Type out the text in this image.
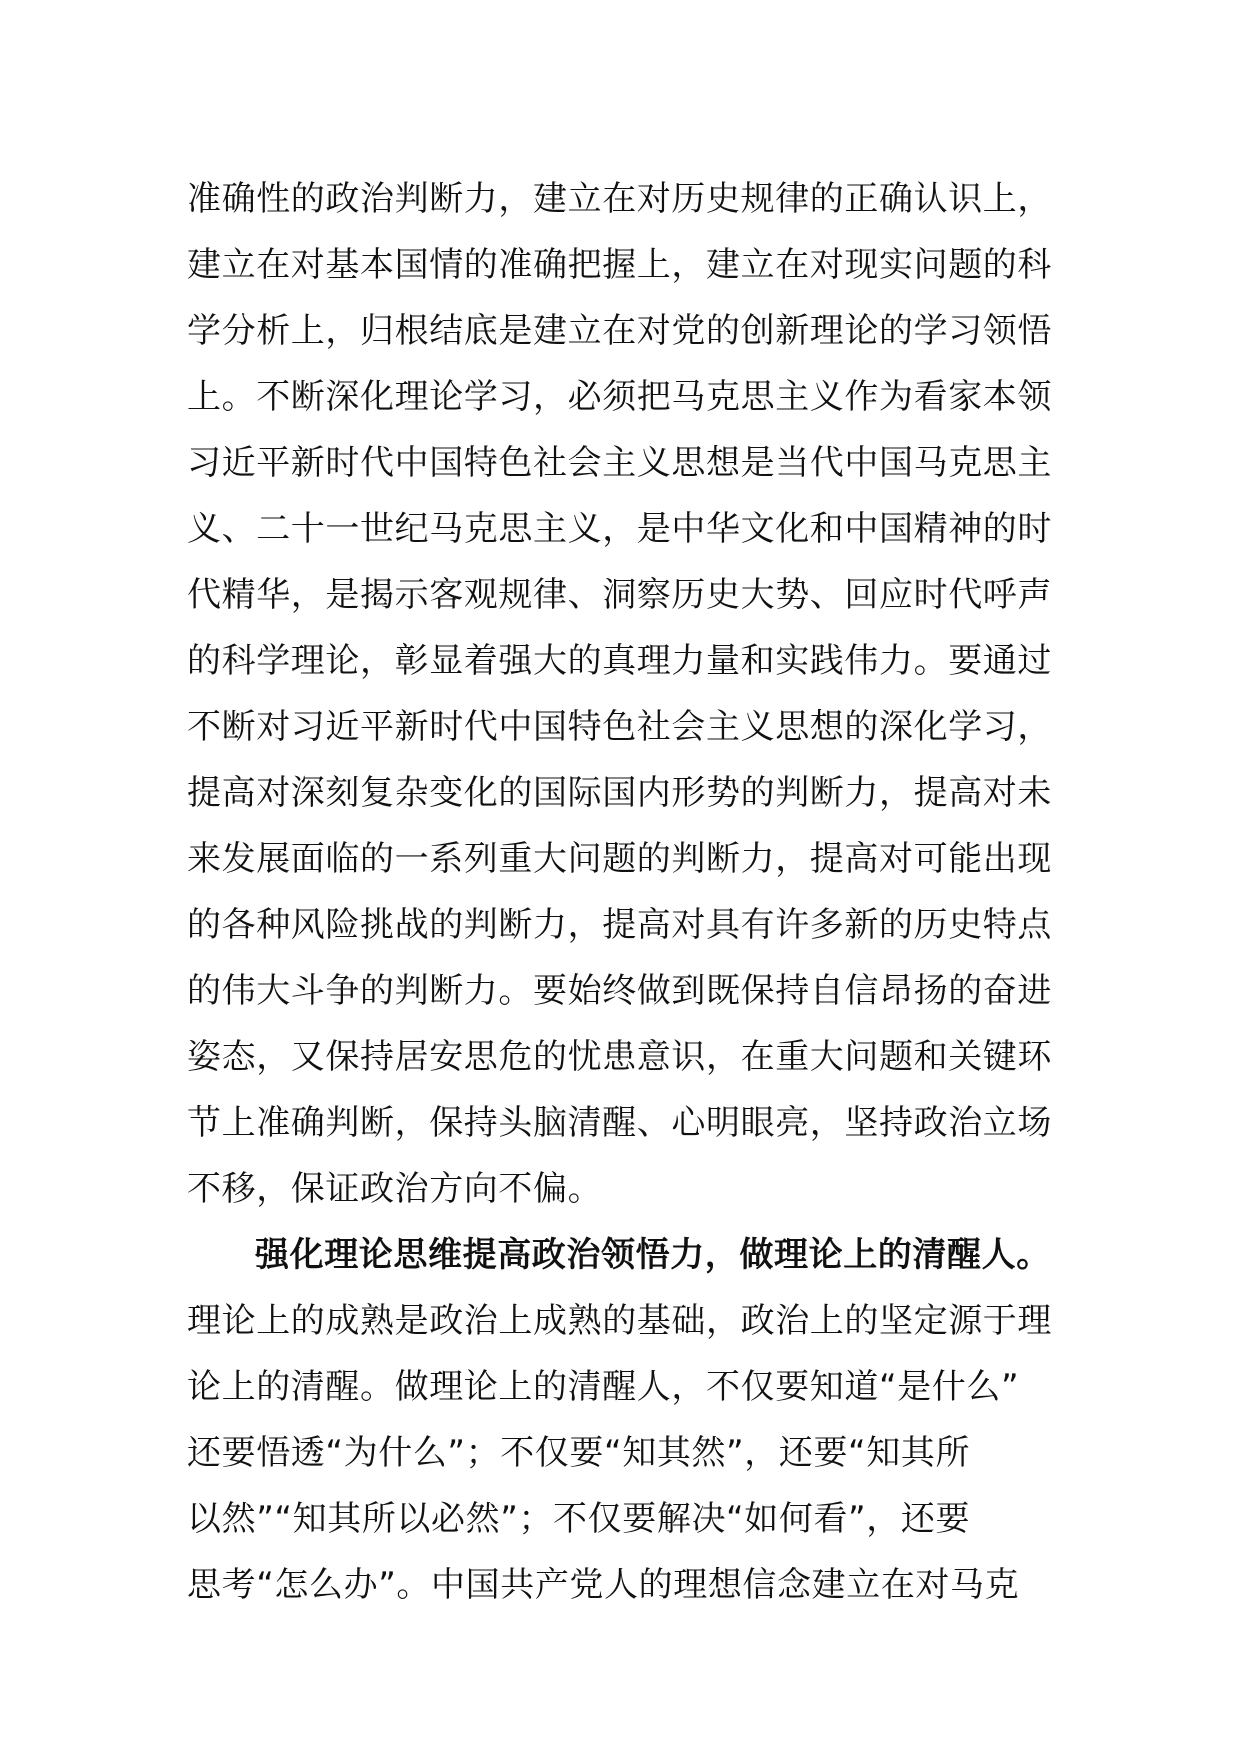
准确性的政治判断力，建立在对历史规律的正确认识上，
建立在对基本国情的准确把握上，建立在对现实问题的科
学分析上，归根结底是建立在对党的创新理论的学习领悟
上。不断深化理论学习，必须把马克思主义作为看家本领
习近平新时代中国特色社会主义思想是当代中国马克思主
义、二十一世纪马克思主义，是中华文化和中国精神的时
代精华，是揭示客观规律、洞察历史大势、回应时代呼声
的科学理论，彰显着强大的真理力量和实践伟力。要通过
不断对习近平新时代中国特色社会主义思想的深化学习，
提高对深刻复杂变化的国际国内形势的判断力，提高对未
来发展面临的一系列重大问题的判断力，提高对可能出现
的各种风险挑战的判断力，提高对具有许多新的历史特点
的伟大斗争的判断力。要始终做到既保持自信昂扬的奋进
姿态，又保持居安思危的忧患意识，在重大问题和关键环
节上准确判断，保持头脑清醒、心明眼亮，坚持政治立场
不移，保证政治方向不偏。
强化理论思维提高政治领悟力，做理论上的清醒人。
理论上的成熟是政治上成熟的基础，政治上的坚定源于理
论上的清醒。做理论上的清醒人，不仅要知道“是什么”
还要悟透“为什么”；不仅要“知其然”，还要“知其所
以然”“知其所以必然”；不仅要解决“如何看”，还要
思考“怎么办”。中国共产党人的理想信念建立在对马克
